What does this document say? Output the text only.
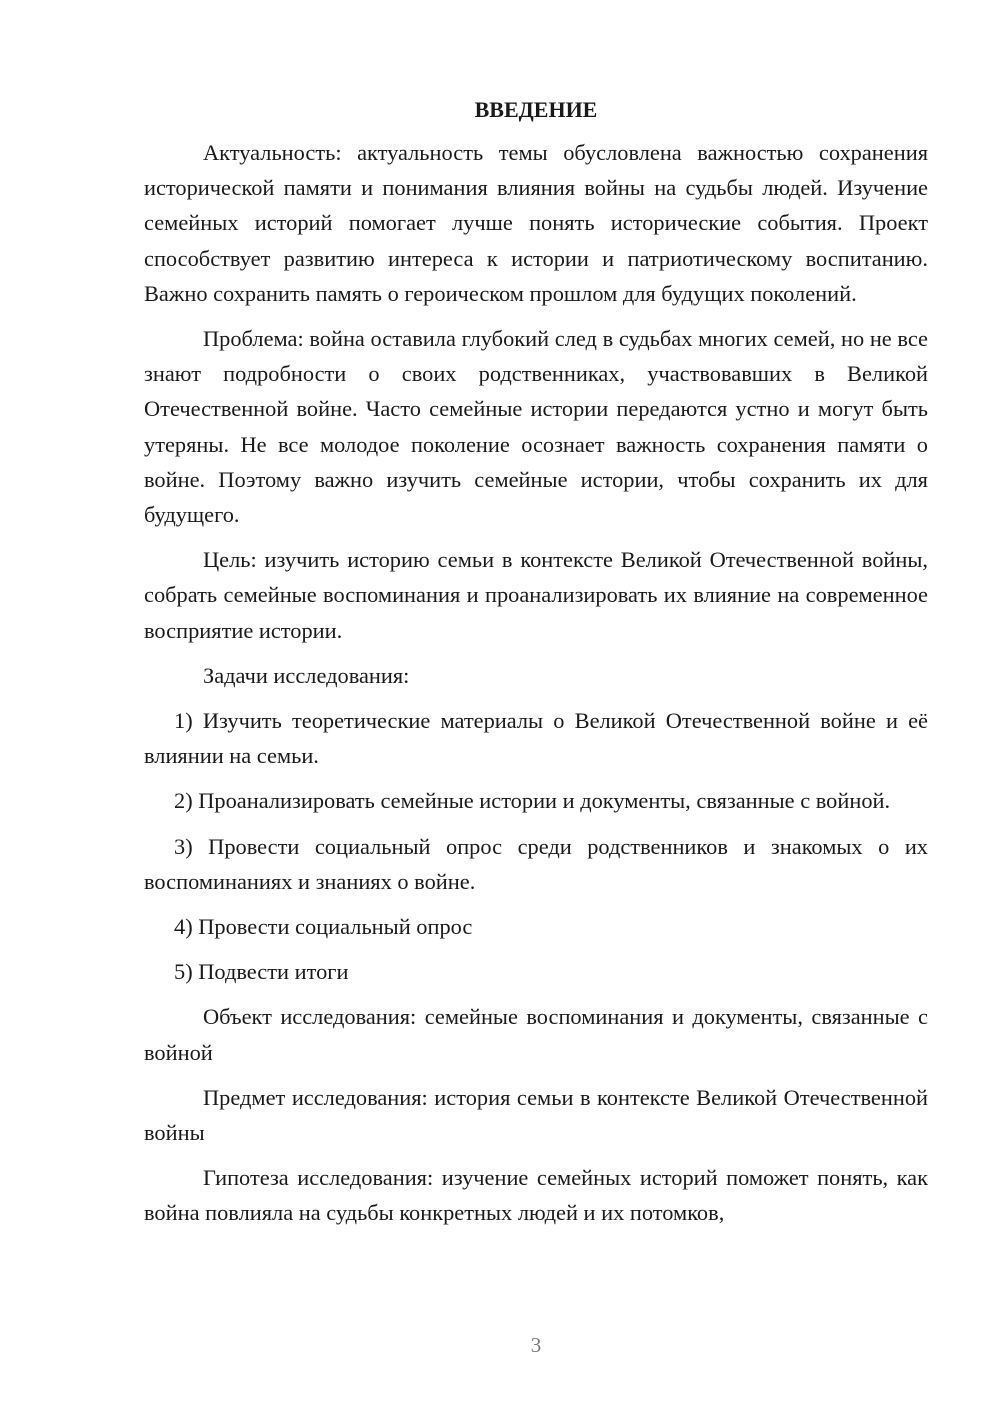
ВВЕДЕНИЕ

Актуальность: актуальность темы обусловлена важностью сохранения исторической памяти и понимания влияния войны на судьбы людей. Изучение семейных историй помогает лучше понять исторические события. Проект способствует развитию интереса к истории и патриотическому воспитанию. Важно сохранить память о героическом прошлом для будущих поколений.

Проблема: война оставила глубокий след в судьбах многих семей, но не все знают подробности о своих родственниках, участвовавших в Великой Отечественной войне. Часто семейные истории передаются устно и могут быть утеряны. Не все молодое поколение осознает важность сохранения памяти о войне. Поэтому важно изучить семейные истории, чтобы сохранить их для будущего.

Цель: изучить историю семьи в контексте Великой Отечественной войны, собрать семейные воспоминания и проанализировать их влияние на современное восприятие истории.

Задачи исследования:

1) Изучить теоретические материалы о Великой Отечественной войне и её влиянии на семьи.

2) Проанализировать семейные истории и документы, связанные с войной.

3) Провести социальный опрос среди родственников и знакомых о их воспоминаниях и знаниях о войне.

4) Провести социальный опрос

5) Подвести итоги

Объект исследования: семейные воспоминания и документы, связанные с войной

Предмет исследования: история семьи в контексте Великой Отечественной войны

Гипотеза исследования: изучение семейных историй поможет понять, как война повлияла на судьбы конкретных людей и их потомков,

3
